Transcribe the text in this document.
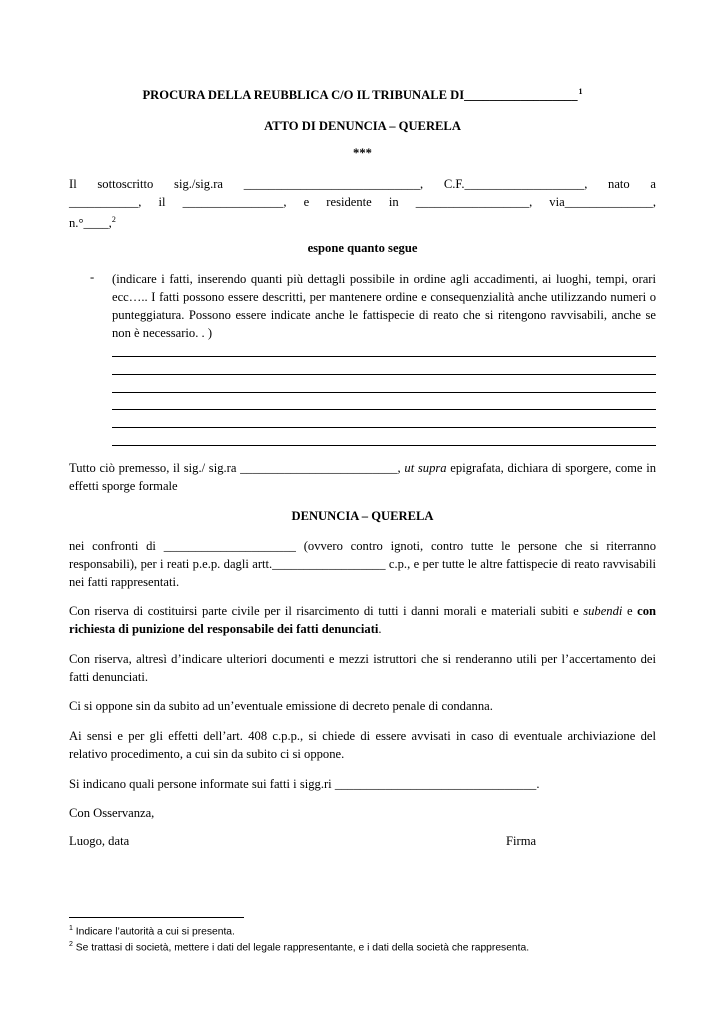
PROCURA DELLA REUBBLICA C/O IL TRIBUNALE DI__________________$^1$
ATTO DI DENUNCIA – QUERELA
***
Il sottoscritto sig./sig.ra ____________________________, C.F.___________________, nato a
___________, il ________________, e residente in __________________, via______________,
n.°____,$^2$
espone quanto segue
- (indicare i fatti, inserendo quanti più dettagli possibile in ordine agli accadimenti, ai luoghi, tempi, orari ecc….. I fatti possono essere descritti, per mantenere ordine e consequenzialità anche utilizzando numeri o punteggiatura. Possono essere indicate anche le fattispecie di reato che si ritengono ravvisabili, anche se non è necessario. . )
Tutto ciò premesso, il sig./ sig.ra _________________________, ut supra epigrafata, dichiara di sporgere, come in effetti sporge formale
DENUNCIA – QUERELA
nei confronti di _____________________ (ovvero contro ignoti, contro tutte le persone che si riterranno responsabili), per i reati p.e.p. dagli artt.__________________ c.p., e per tutte le altre fattispecie di reato ravvisabili nei fatti rappresentati.
Con riserva di costituirsi parte civile per il risarcimento di tutti i danni morali e materiali subiti e subendi e con richiesta di punizione del responsabile dei fatti denunciati.
Con riserva, altresì d’indicare ulteriori documenti e mezzi istruttori che si renderanno utili per l’accertamento dei fatti denunciati.
Ci si oppone sin da subito ad un’eventuale emissione di decreto penale di condanna.
Ai sensi e per gli effetti dell’art. 408 c.p.p., si chiede di essere avvisati in caso di eventuale archiviazione del relativo procedimento, a cui sin da subito ci si oppone.
Si indicano quali persone informate sui fatti i sigg.ri ________________________________.
Con Osservanza,
Luogo, data	Firma
$^1$ Indicare l’autorità a cui si presenta.
$^2$ Se trattasi di società, mettere i dati del legale rappresentante, e i dati della società che rappresenta.
